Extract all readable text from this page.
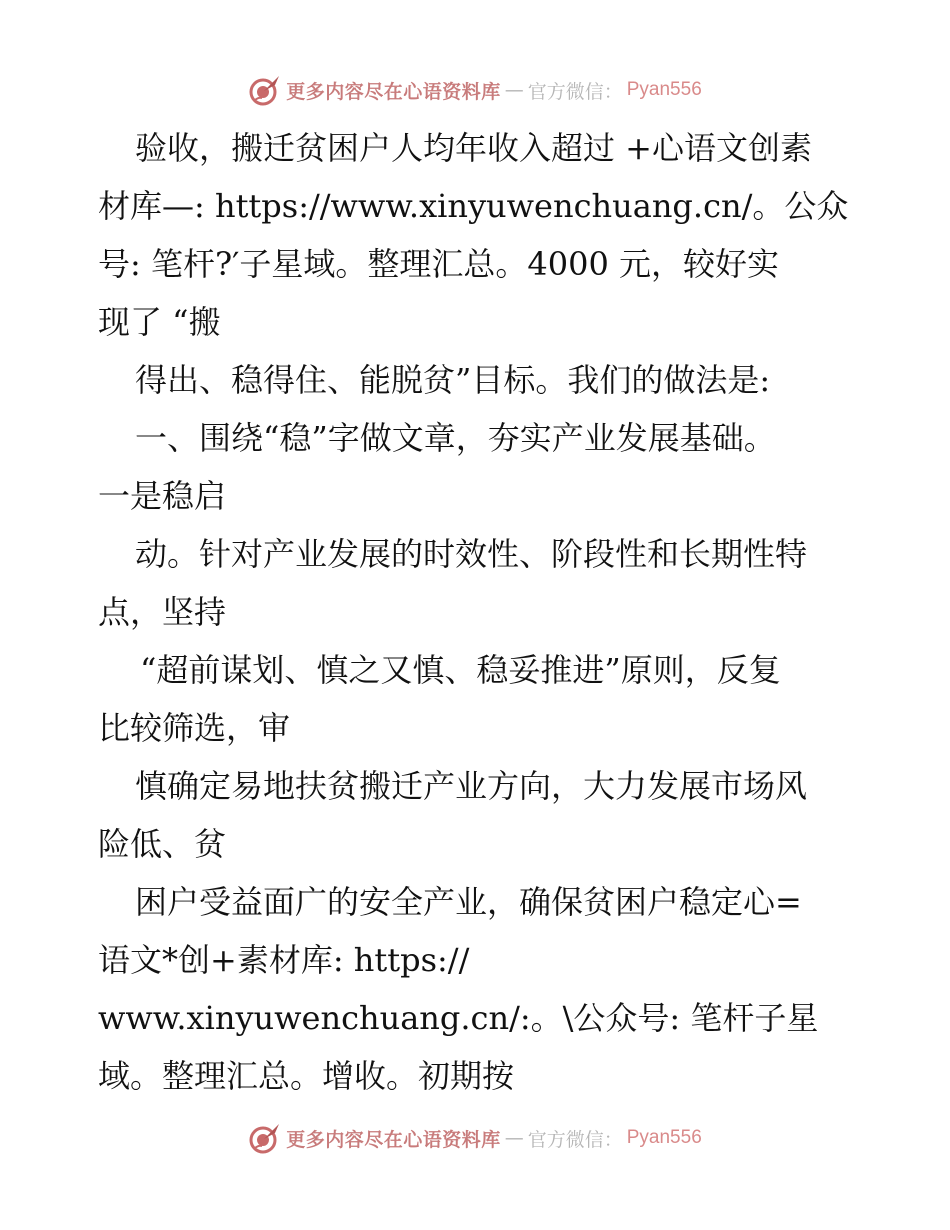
更多内容尽在心语资料库 — 官方微信： Pyan556
验收，搬迁贫困户人均年收入超过 +心语文创素
材库—: https://www.xinyuwenchuang.cn/。公众
号: 笔杆?′子星域。整理汇总。4000 元，较好实
现了 “搬
得出、稳得住、能脱贫”目标。我们的做法是:
一、围绕“稳”字做文章，夯实产业发展基础。
一是稳启
动。针对产业发展的时效性、阶段性和长期性特
点，坚持
“超前谋划、慎之又慎、稳妥推进”原则，反复
比较筛选，审
慎确定易地扶贫搬迁产业方向，大力发展市场风
险低、贫
困户受益面广的安全产业，确保贫困户稳定心=
语文*创+素材库: https://
www.xinyuwenchuang.cn/:。\公众号: 笔杆子星
域。整理汇总。增收。初期按
更多内容尽在心语资料库 — 官方微信： Pyan556
